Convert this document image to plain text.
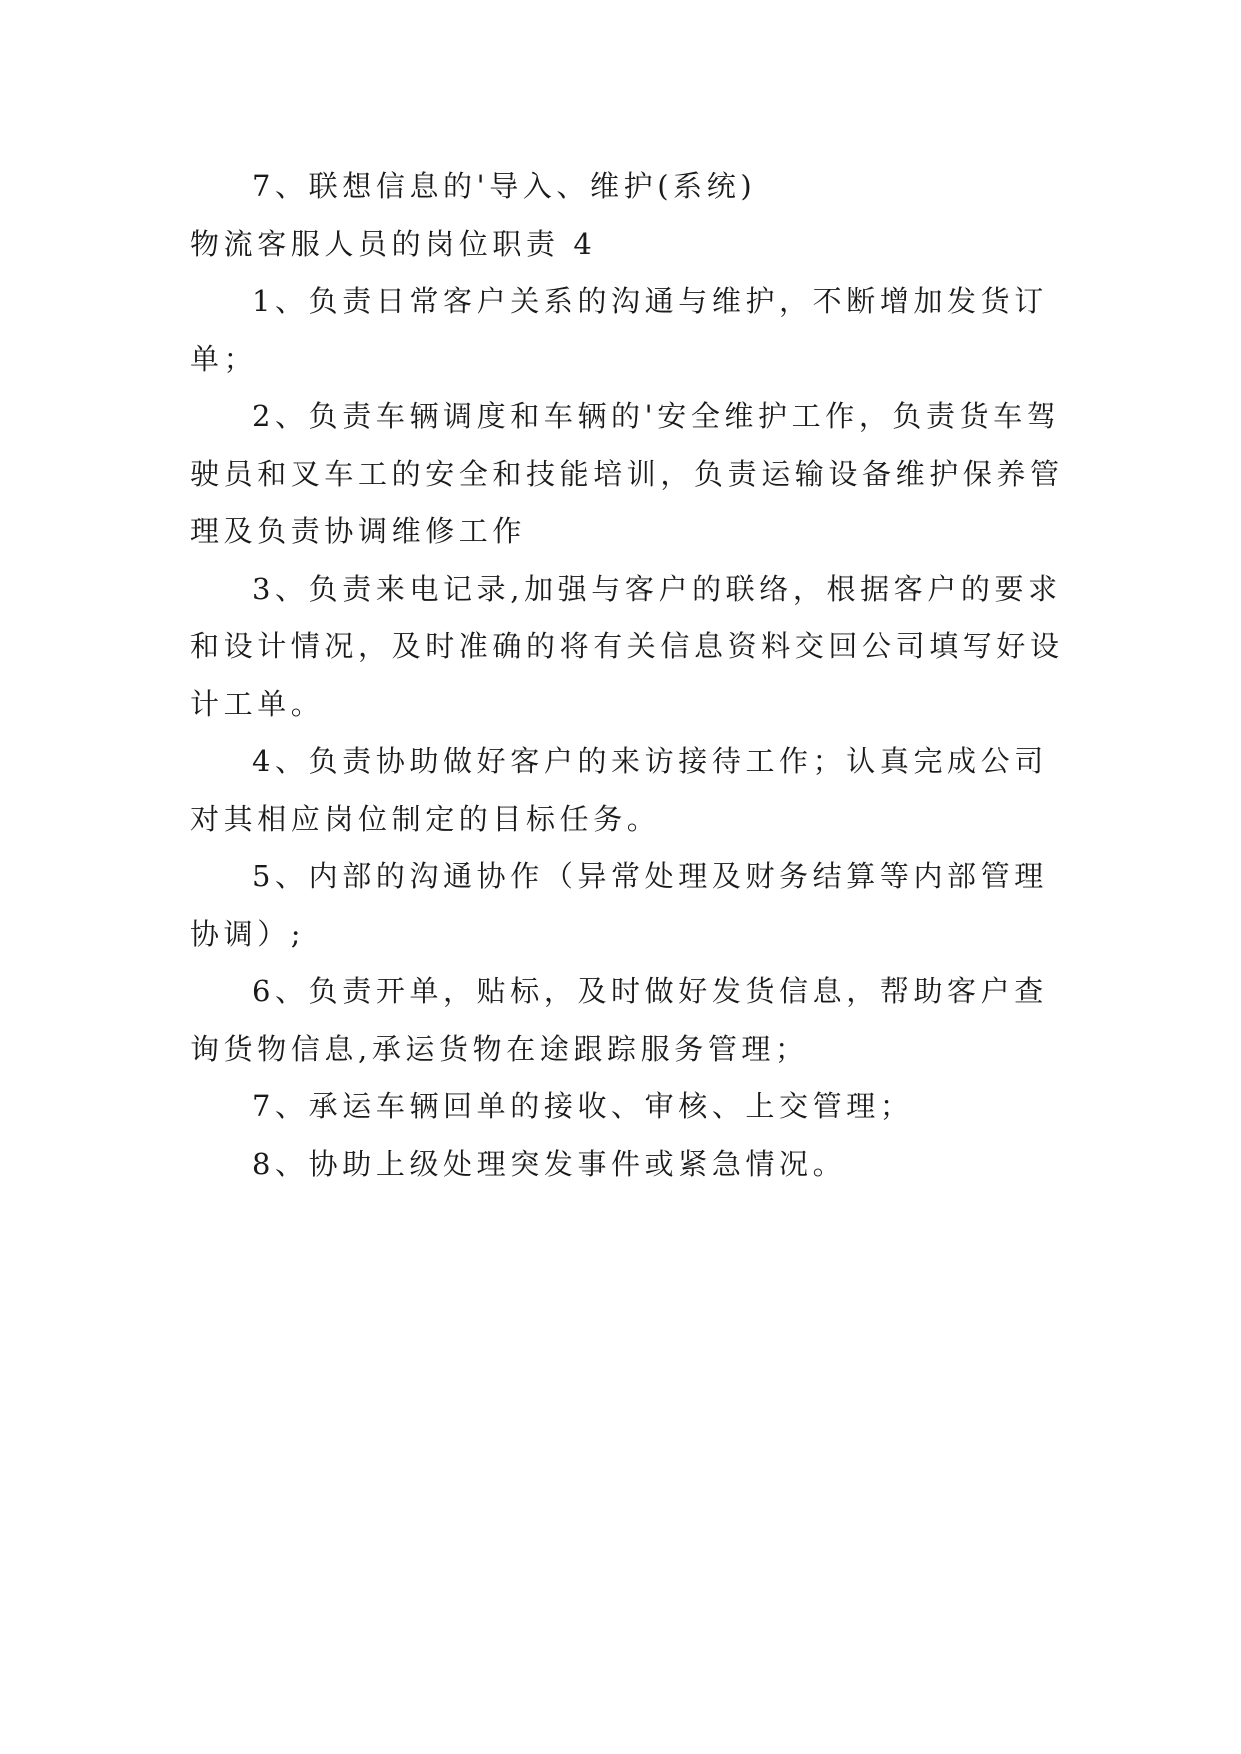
7、联想信息的'导入、维护(系统)

物流客服人员的岗位职责 4

1、负责日常客户关系的沟通与维护，不断增加发货订

单；

2、负责车辆调度和车辆的'安全维护工作，负责货车驾

驶员和叉车工的安全和技能培训，负责运输设备维护保养管

理及负责协调维修工作

3、负责来电记录,加强与客户的联络，根据客户的要求

和设计情况，及时准确的将有关信息资料交回公司填写好设

计工单。

4、负责协助做好客户的来访接待工作；认真完成公司

对其相应岗位制定的目标任务。

5、内部的沟通协作（异常处理及财务结算等内部管理

协调）;

6、负责开单，贴标，及时做好发货信息，帮助客户查

询货物信息,承运货物在途跟踪服务管理；

7、承运车辆回单的接收、审核、上交管理；

8、协助上级处理突发事件或紧急情况。
